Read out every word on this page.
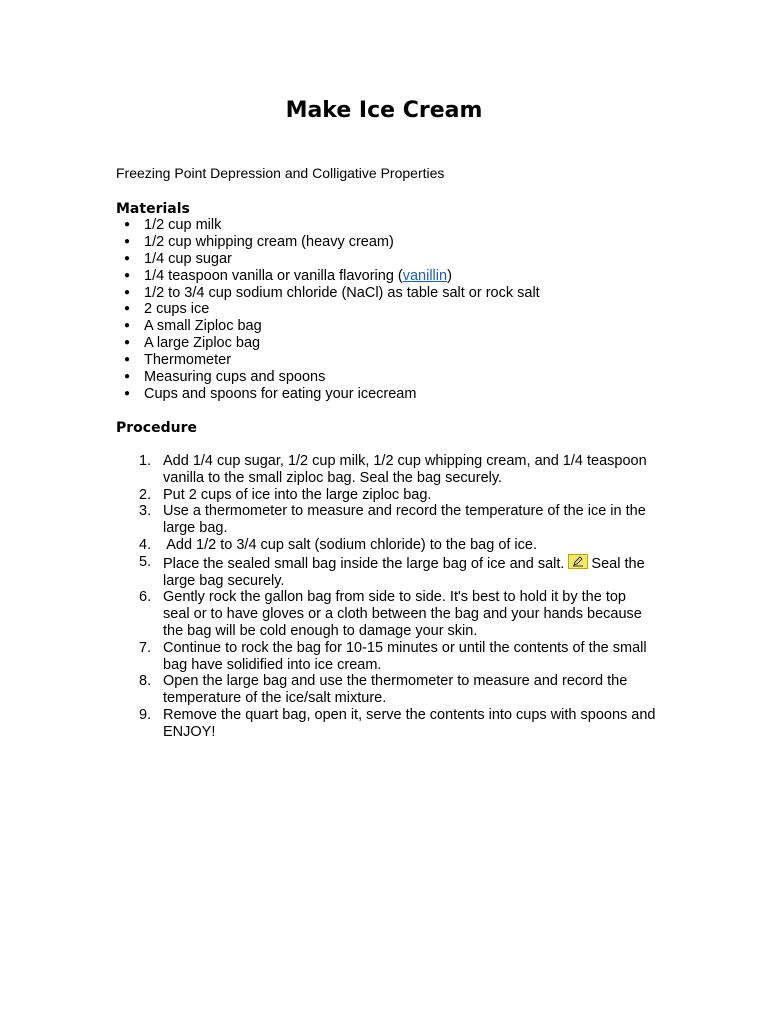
Make Ice Cream

Freezing Point Depression and Colligative Properties

Materials
● 1/2 cup milk
● 1/2 cup whipping cream (heavy cream)
● 1/4 cup sugar
● 1/4 teaspoon vanilla or vanilla flavoring (vanillin)
● 1/2 to 3/4 cup sodium chloride (NaCl) as table salt or rock salt
● 2 cups ice
● A small Ziploc bag
● A large Ziploc bag
● Thermometer
● Measuring cups and spoons
● Cups and spoons for eating your icecream
Procedure
1. Add 1/4 cup sugar, 1/2 cup milk, 1/2 cup whipping cream, and 1/4 teaspoon vanilla to the small ziploc bag. Seal the bag securely.
2. Put 2 cups of ice into the large ziploc bag.
3. Use a thermometer to measure and record the temperature of the ice in the large bag.
4. Add 1/2 to 3/4 cup salt (sodium chloride) to the bag of ice.
5. Place the sealed small bag inside the large bag of ice and salt. Seal the large bag securely.
6. Gently rock the gallon bag from side to side. It's best to hold it by the top seal or to have gloves or a cloth between the bag and your hands because the bag will be cold enough to damage your skin.
7. Continue to rock the bag for 10-15 minutes or until the contents of the small bag have solidified into ice cream.
8. Open the large bag and use the thermometer to measure and record the temperature of the ice/salt mixture.
9. Remove the quart bag, open it, serve the contents into cups with spoons and ENJOY!
